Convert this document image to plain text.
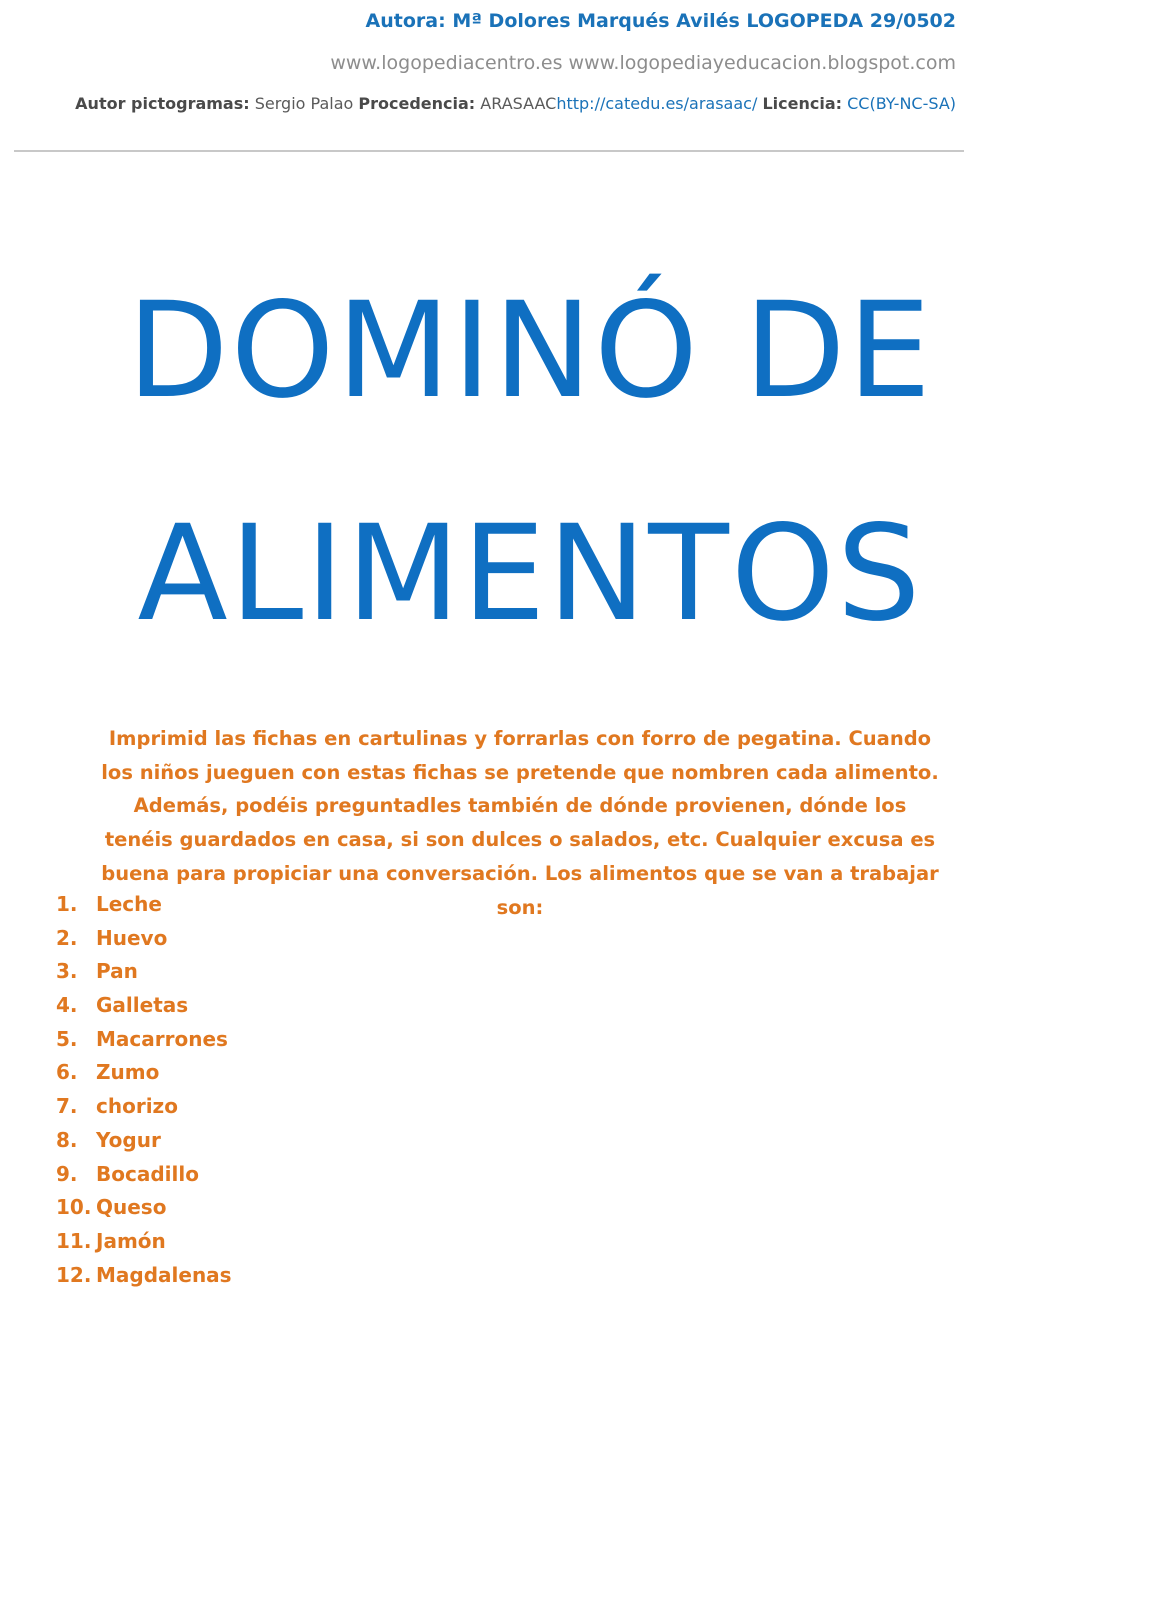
Autora: Mª Dolores Marqués Avilés LOGOPEDA 29/0502
www.logopediacentro.es www.logopediayeducacion.blogspot.com
Autor pictogramas: Sergio Palao Procedencia: ARASAAChttp://catedu.es/arasaac/ Licencia: CC(BY-NC-SA)
DOMINÓ DE
ALIMENTOS

Imprimid las fichas en cartulinas y forrarlas con forro de pegatina. Cuando los niños jueguen con estas fichas se pretende que nombren cada alimento. Además, podéis preguntadles también de dónde provienen, dónde los tenéis guardados en casa, si son dulces o salados, etc. Cualquier excusa es buena para propiciar una conversación. Los alimentos que se van a trabajar son:

1. Leche
2. Huevo
3. Pan
4. Galletas
5. Macarrones
6. Zumo
7. chorizo
8. Yogur
9. Bocadillo
10. Queso
11. Jamón
12. Magdalenas
